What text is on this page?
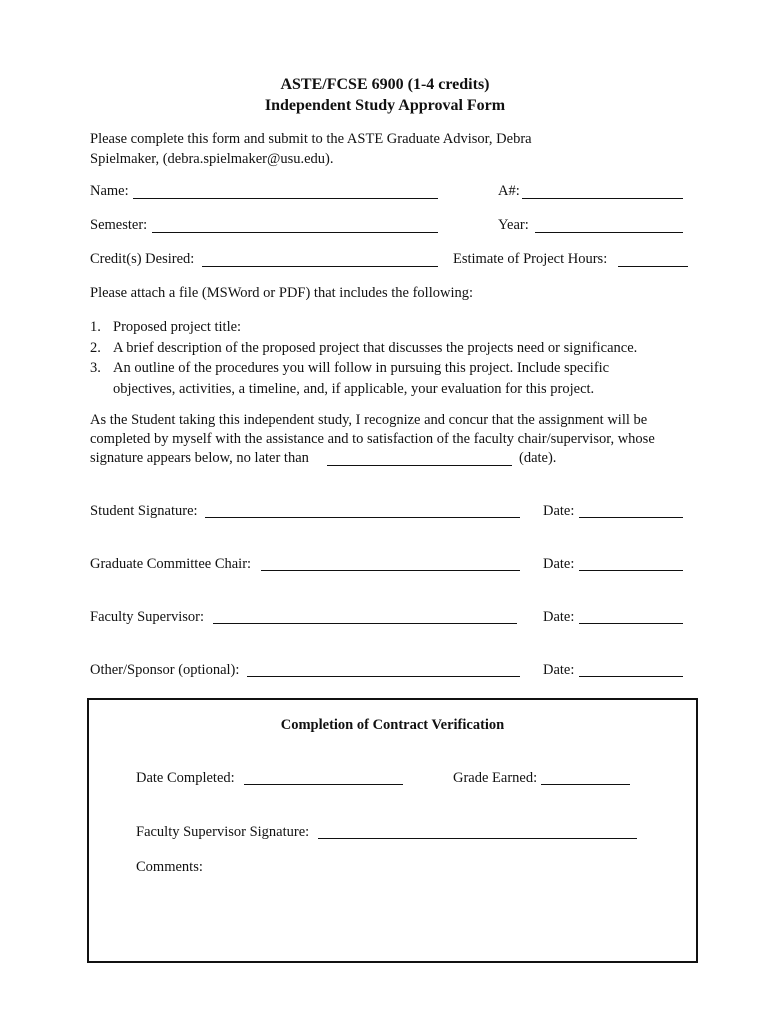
ASTE/FCSE 6900 (1-4 credits)
Independent Study Approval Form
Please complete this form and submit to the ASTE Graduate Advisor, Debra
Spielmaker, (debra.spielmaker@usu.edu).
Name:	A#:
Semester:	Year:
Credit(s) Desired:	Estimate of Project Hours:
Please attach a file (MSWord or PDF) that includes the following:
1. Proposed project title:
2. A brief description of the proposed project that discusses the projects need or significance.
3. An outline of the procedures you will follow in pursuing this project. Include specific
objectives, activities, a timeline, and, if applicable, your evaluation for this project.
As the Student taking this independent study, I recognize and concur that the assignment will be
completed by myself with the assistance and to satisfaction of the faculty chair/supervisor, whose
signature appears below, no later than	(date).
Student Signature:	Date:
Graduate Committee Chair:	Date:
Faculty Supervisor:	Date:
Other/Sponsor (optional):	Date:
Completion of Contract Verification
Date Completed:	Grade Earned:
Faculty Supervisor Signature:
Comments:
